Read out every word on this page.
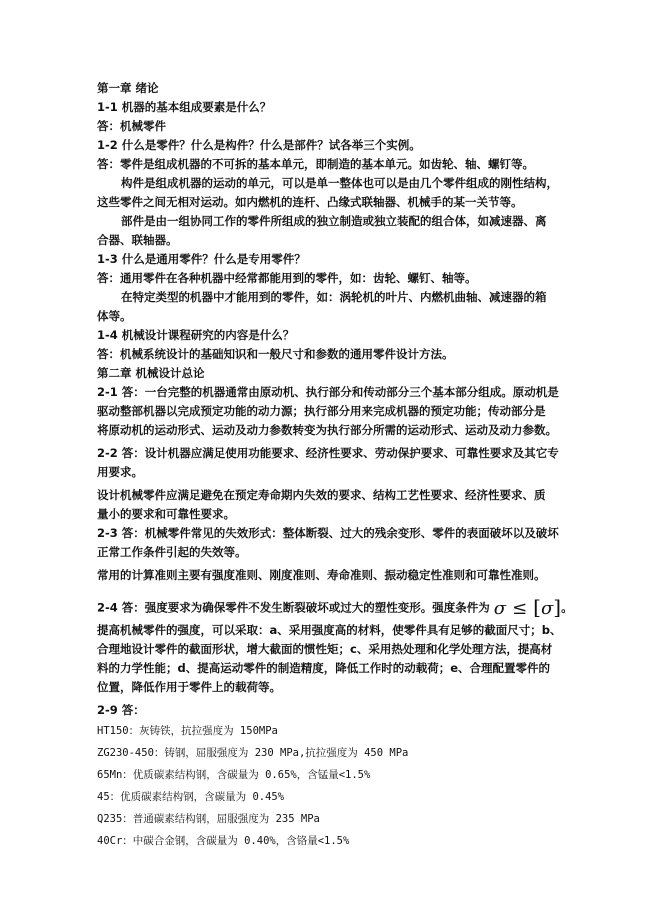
第一章 绪论
1-1 机器的基本组成要素是什么？
答：机械零件
1-2 什么是零件？什么是构件？什么是部件？试各举三个实例。
答：零件是组成机器的不可拆的基本单元，即制造的基本单元。如齿轮、轴、螺钉等。
构件是组成机器的运动的单元，可以是单一整体也可以是由几个零件组成的刚性结构，
这些零件之间无相对运动。如内燃机的连杆、凸缘式联轴器、机械手的某一关节等。
部件是由一组协同工作的零件所组成的独立制造或独立装配的组合体，如减速器、离
合器、联轴器。
1-3 什么是通用零件？什么是专用零件？
答：通用零件在各种机器中经常都能用到的零件，如：齿轮、螺钉、轴等。
在特定类型的机器中才能用到的零件，如：涡轮机的叶片、内燃机曲轴、减速器的箱
体等。
1-4 机械设计课程研究的内容是什么？
答：机械系统设计的基础知识和一般尺寸和参数的通用零件设计方法。
第二章 机械设计总论
2-1 答：一台完整的机器通常由原动机、执行部分和传动部分三个基本部分组成。原动机是
驱动整部机器以完成预定功能的动力源；执行部分用来完成机器的预定功能；传动部分是
将原动机的运动形式、运动及动力参数转变为执行部分所需的运动形式、运动及动力参数。
2-2 答：设计机器应满足使用功能要求、经济性要求、劳动保护要求、可靠性要求及其它专
用要求。
设计机械零件应满足避免在预定寿命期内失效的要求、结构工艺性要求、经济性要求、质
量小的要求和可靠性要求。
2-3 答：机械零件常见的失效形式：整体断裂、过大的残余变形、零件的表面破坏以及破坏
正常工作条件引起的失效等。
常用的计算准则主要有强度准则、刚度准则、寿命准则、振动稳定性准则和可靠性准则。
2-4 答：强度要求为确保零件不发生断裂破坏或过大的塑性变形。强度条件为 σ ≤ [σ]。
提高机械零件的强度，可以采取：a、采用强度高的材料，使零件具有足够的截面尺寸；b、
合理地设计零件的截面形状，增大截面的惯性矩；c、采用热处理和化学处理方法，提高材
料的力学性能；d、提高运动零件的制造精度，降低工作时的动载荷；e、合理配置零件的
位置，降低作用于零件上的载荷等。
2-9 答：
HT150：灰铸铁，抗拉强度为 150MPa
ZG230-450：铸钢，屈服强度为 230 MPa,抗拉强度为 450 MPa
65Mn：优质碳素结构钢，含碳量为 0.65%，含锰量<1.5%
45：优质碳素结构钢，含碳量为 0.45%
Q235：普通碳素结构钢，屈服强度为 235 MPa
40Cr：中碳合金钢，含碳量为 0.40%，含铬量<1.5%
